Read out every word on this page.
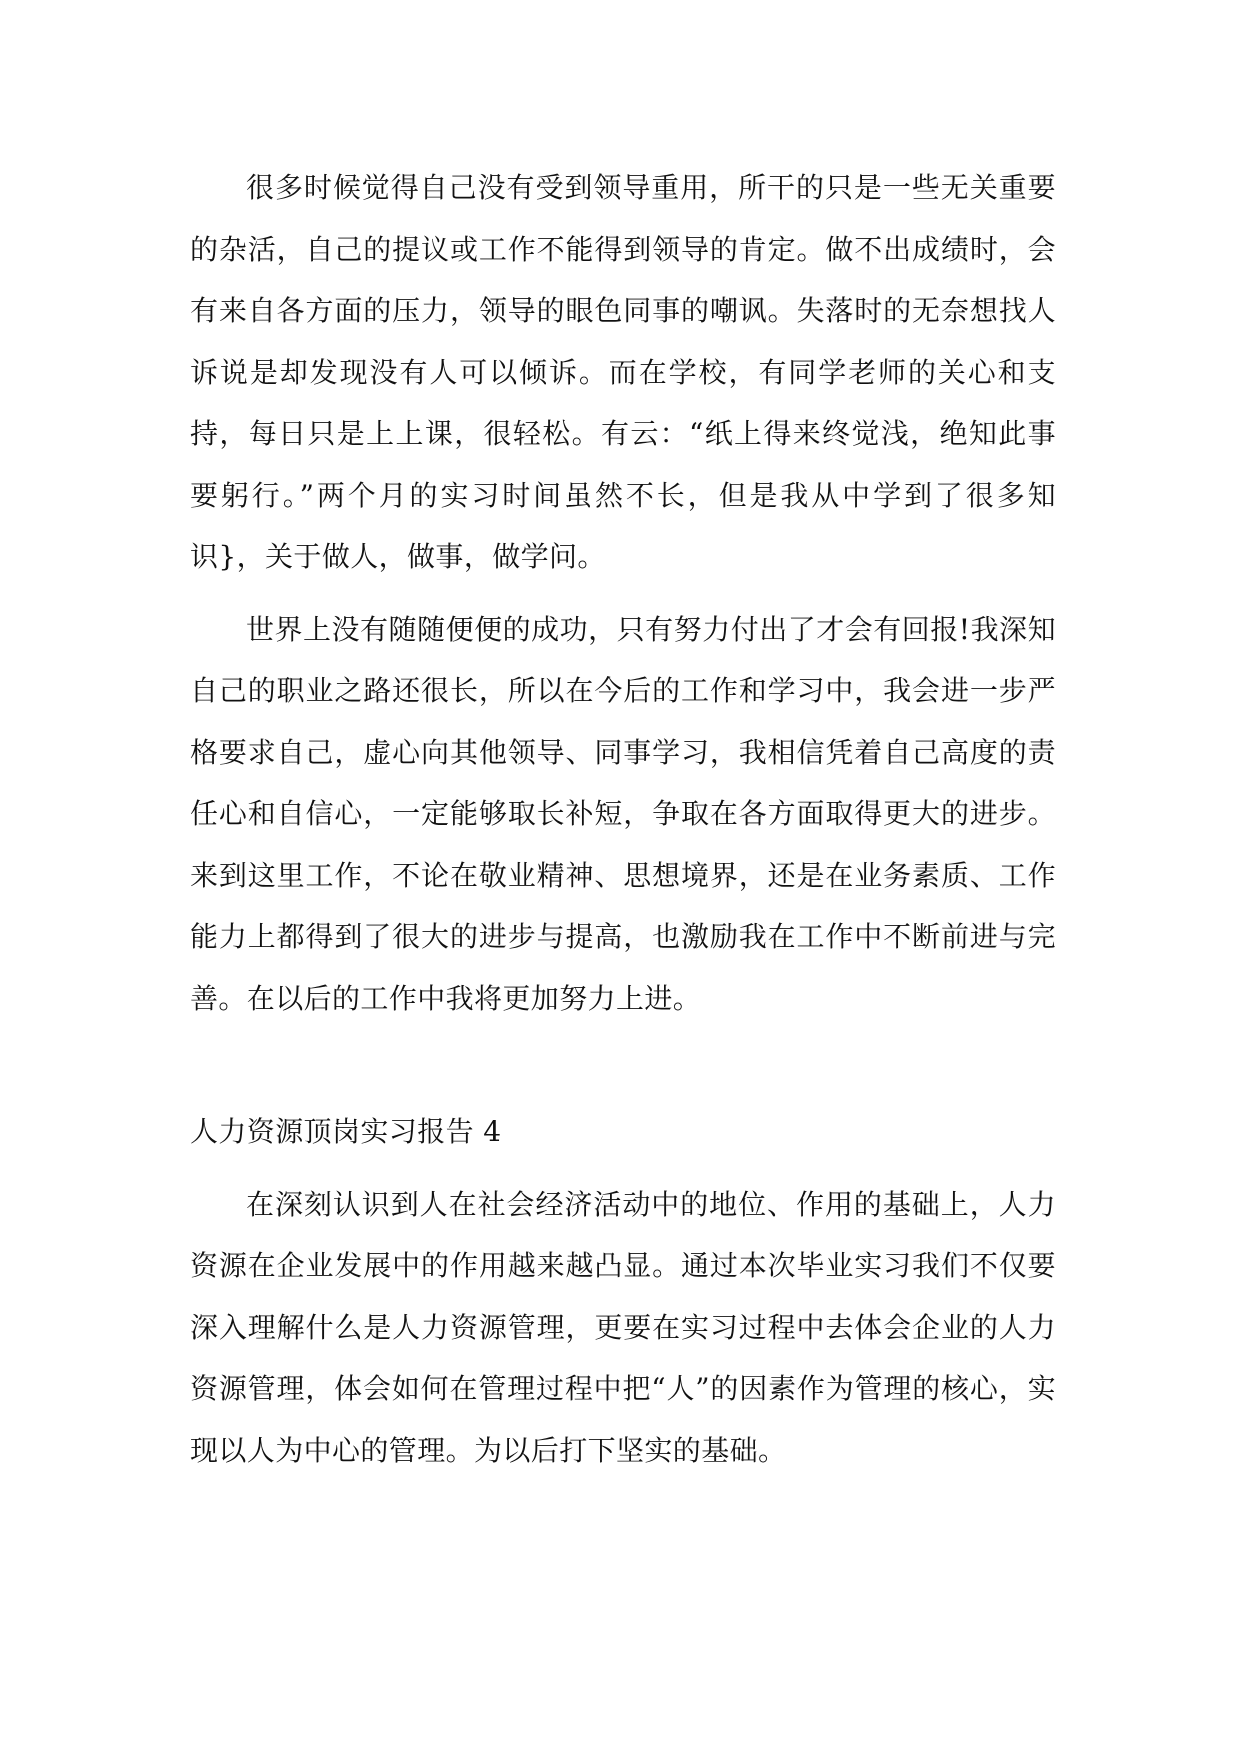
很多时候觉得自己没有受到领导重用，所干的只是一些无关重要的杂活，自己的提议或工作不能得到领导的肯定。做不出成绩时，会有来自各方面的压力，领导的眼色同事的嘲讽。失落时的无奈想找人诉说是却发现没有人可以倾诉。而在学校，有同学老师的关心和支持，每日只是上上课，很轻松。有云：“纸上得来终觉浅，绝知此事要躬行。”两个月的实习时间虽然不长，但是我从中学到了很多知识}，关于做人，做事，做学问。

世界上没有随随便便的成功，只有努力付出了才会有回报!我深知自己的职业之路还很长，所以在今后的工作和学习中，我会进一步严格要求自己，虚心向其他领导、同事学习，我相信凭着自己高度的责任心和自信心，一定能够取长补短，争取在各方面取得更大的进步。来到这里工作，不论在敬业精神、思想境界，还是在业务素质、工作能力上都得到了很大的进步与提高，也激励我在工作中不断前进与完善。在以后的工作中我将更加努力上进。

人力资源顶岗实习报告 4

在深刻认识到人在社会经济活动中的地位、作用的基础上，人力资源在企业发展中的作用越来越凸显。通过本次毕业实习我们不仅要深入理解什么是人力资源管理，更要在实习过程中去体会企业的人力资源管理，体会如何在管理过程中把“人”的因素作为管理的核心，实现以人为中心的管理。为以后打下坚实的基础。
